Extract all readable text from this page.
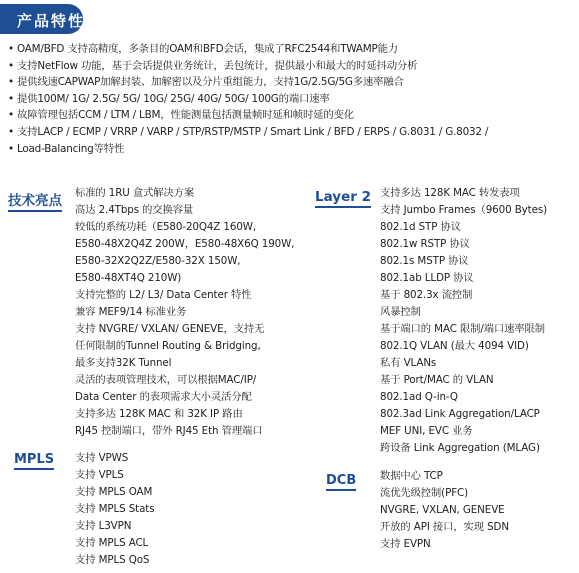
产品特性
• OAM/BFD 支持高精度，多条目的OAM和BFD会话，集成了RFC2544和TWAMP能力
• 支持NetFlow 功能，基于会话提供业务统计，丢包统计，提供最小和最大的时延抖动分析
• 提供线速CAPWAP加解封装、加解密以及分片重组能力，支持1G/2.5G/5G多速率融合
• 提供100M/ 1G/ 2.5G/ 5G/ 10G/ 25G/ 40G/ 50G/ 100G的端口速率
• 故障管理包括CCM / LTM / LBM，性能测量包括测量帧时延和帧时延的变化
• 支持LACP / ECMP / VRRP / VARP / STP/RSTP/MSTP / Smart Link / BFD / ERPS / G.8031 / G.8032 /
• Load-Balancing等特性
技术亮点 标准的 1RU 盒式解决方案
高达 2.4Tbps 的交换容量
较低的系统功耗（E580-20Q4Z 160W,
E580-48X2Q4Z 200W，E580-48X6Q 190W,
E580-32X2Q2Z/E580-32X 150W,
E580-48XT4Q 210W)
支持完整的 L2/ L3/ Data Center 特性
兼容 MEF9/14 标准业务
支持 NVGRE/ VXLAN/ GENEVE，支持无
任何限制的Tunnel Routing & Bridging,
最多支持32K Tunnel
灵活的表项管理技术，可以根据MAC/IP/
Data Center 的表项需求大小灵活分配
支持多达 128K MAC 和 32K IP 路由
RJ45 控制端口，带外 RJ45 Eth 管理端口
MPLS 支持 VPWS
支持 VPLS
支持 MPLS OAM
支持 MPLS Stats
支持 L3VPN
支持 MPLS ACL
支持 MPLS QoS
Layer 2 支持多达 128K MAC 转发表项
支持 Jumbo Frames（9600 Bytes)
802.1d STP 协议
802.1w RSTP 协议
802.1s MSTP 协议
802.1ab LLDP 协议
基于 802.3x 流控制
风暴控制
基于端口的 MAC 限制/端口速率限制
802.1Q VLAN (最大 4094 VID)
私有 VLANs
基于 Port/MAC 的 VLAN
802.1ad Q-in-Q
802.3ad Link Aggregation/LACP
MEF UNI, EVC 业务
跨设备 Link Aggregation (MLAG)
DCB 数据中心 TCP
流优先级控制(PFC)
NVGRE, VXLAN, GENEVE
开放的 API 接口，实现 SDN
支持 EVPN
